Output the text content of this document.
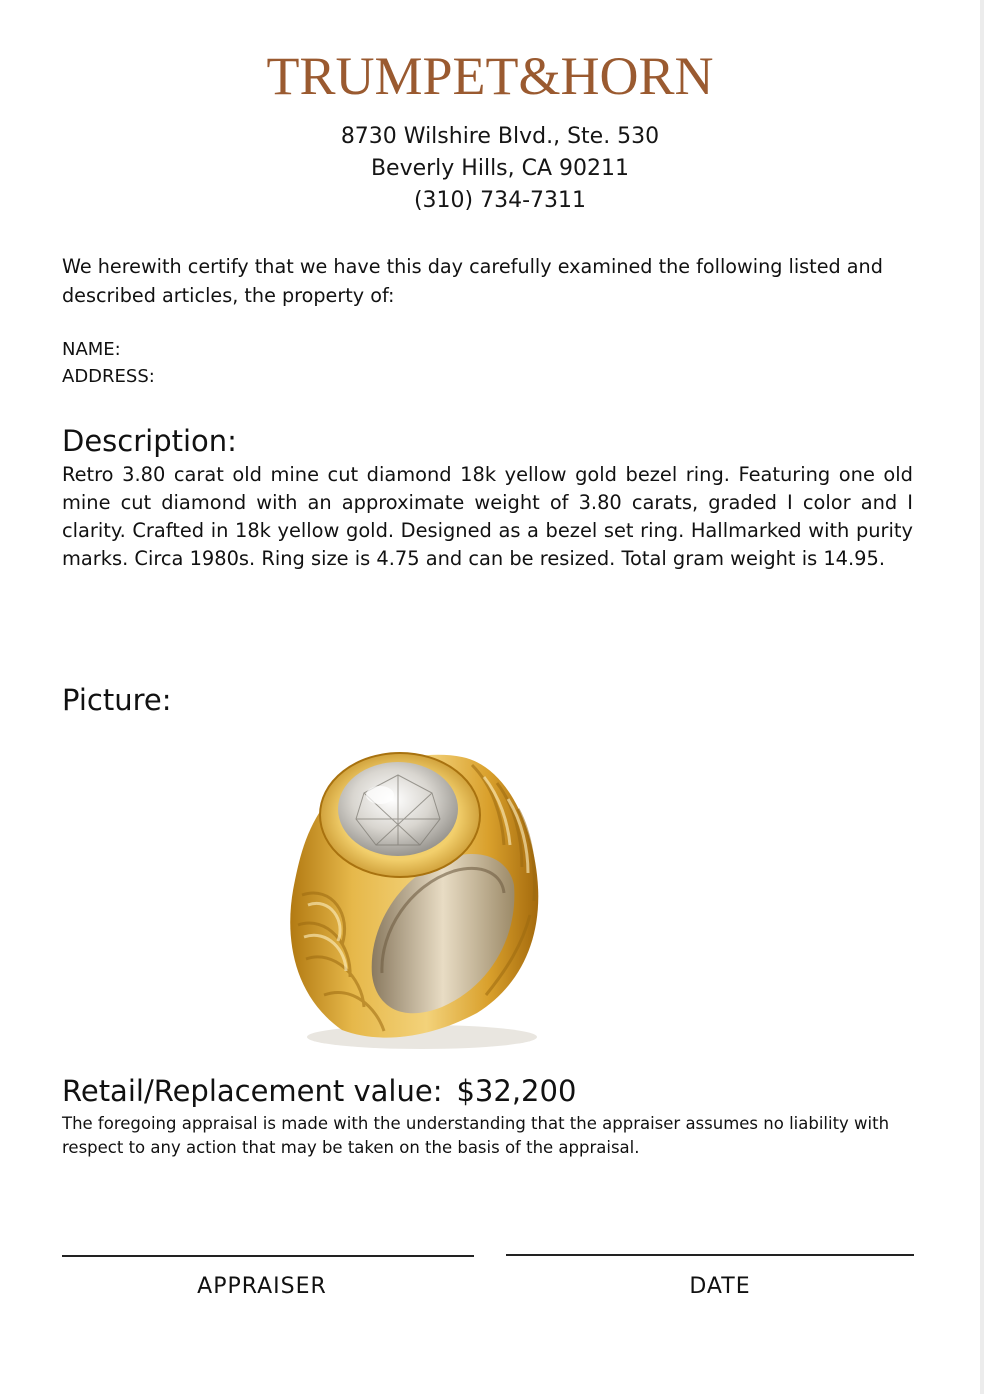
TRUMPET&HORN
8730 Wilshire Blvd., Ste. 530
Beverly Hills, CA 90211
(310) 734-7311
We herewith certify that we have this day carefully examined the following listed and described articles, the property of:
NAME:
ADDRESS:
Description:
Retro 3.80 carat old mine cut diamond 18k yellow gold bezel ring. Featuring one old mine cut diamond with an approximate weight of 3.80 carats, graded I color and I clarity. Crafted in 18k yellow gold. Designed as a bezel set ring. Hallmarked with purity marks. Circa 1980s. Ring size is 4.75 and can be resized. Total gram weight is 14.95.
Picture:
Retail/Replacement value: $32,200
The foregoing appraisal is made with the understanding that the appraiser assumes no liability with respect to any action that may be taken on the basis of the appraisal.
APPRAISER	DATE
